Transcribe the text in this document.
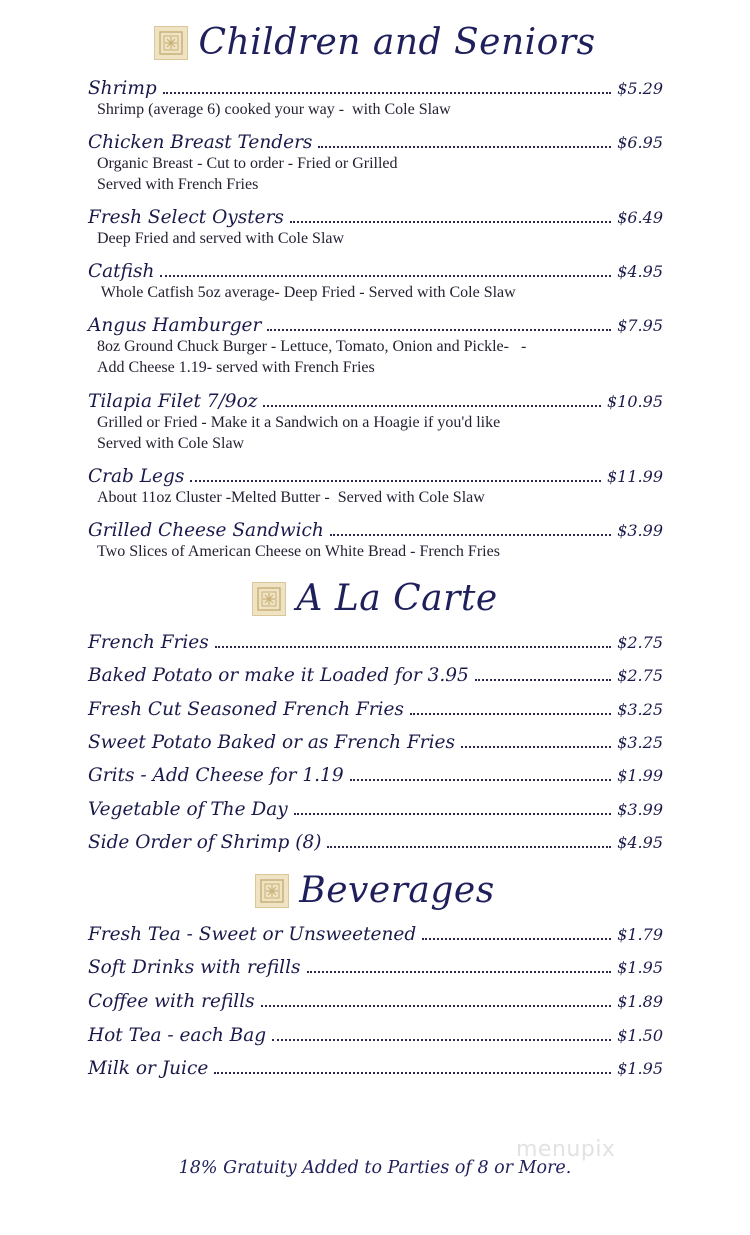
Children and Seniors
Shrimp	$5.29
Shrimp (average 6) cooked your way -  with Cole Slaw
Chicken Breast Tenders	$6.95
Organic Breast - Cut to order - Fried or Grilled
Served with French Fries
Fresh Select Oysters	$6.49
Deep Fried and served with Cole Slaw
Catfish	$4.95
Whole Catfish 5oz average- Deep Fried - Served with Cole Slaw
Angus Hamburger	$7.95
8oz Ground Chuck Burger - Lettuce, Tomato, Onion and Pickle-   -
Add Cheese 1.19- served with French Fries
Tilapia Filet 7/9oz	$10.95
Grilled or Fried - Make it a Sandwich on a Hoagie if you'd like
Served with Cole Slaw
Crab Legs	$11.99
About 11oz Cluster -Melted Butter -  Served with Cole Slaw
Grilled Cheese Sandwich	$3.99
Two Slices of American Cheese on White Bread - French Fries
A La Carte
French Fries	$2.75
Baked Potato or make it Loaded for 3.95	$2.75
Fresh Cut Seasoned French Fries	$3.25
Sweet Potato Baked or as French Fries	$3.25
Grits - Add Cheese for 1.19	$1.99
Vegetable of The Day	$3.99
Side Order of Shrimp (8)	$4.95
Beverages
Fresh Tea - Sweet or Unsweetened	$1.79
Soft Drinks with refills	$1.95
Coffee with refills	$1.89
Hot Tea - each Bag	$1.50
Milk or Juice	$1.95
18% Gratuity Added to Parties of 8 or More.
menupix
